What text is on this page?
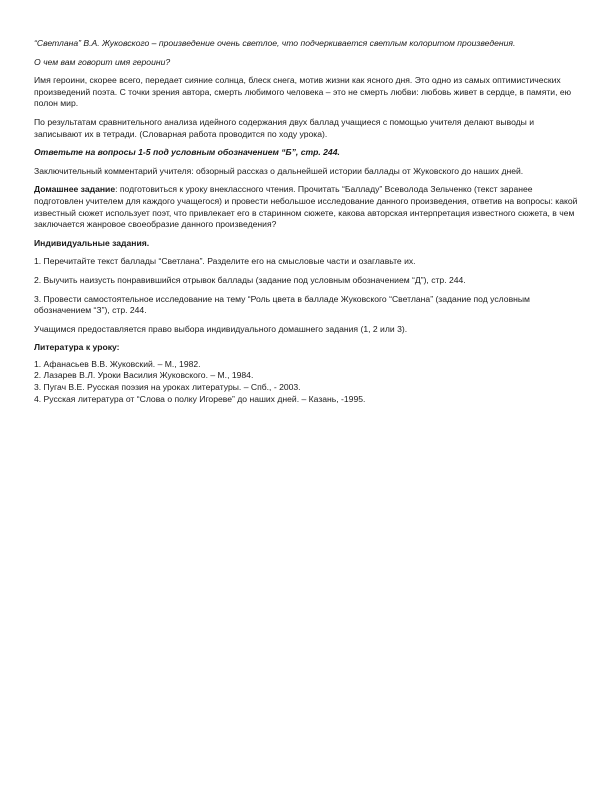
“Светлана” В.А. Жуковского – произведение очень светлое, что подчеркивается светлым колоритом произведения.

О чем вам говорит имя героини?

Имя героини, скорее всего, передает сияние солнца, блеск снега, мотив жизни как ясного дня. Это одно из самых оптимистических произведений поэта. С точки зрения автора, смерть любимого человека – это не смерть любви: любовь живет в сердце, в памяти, ею полон мир.

По результатам сравнительного анализа идейного содержания двух баллад учащиеся с помощью учителя делают выводы и записывают их в тетради. (Словарная работа проводится по ходу урока).

Ответьте на вопросы 1-5 под условным обозначением “Б”, стр. 244.

Заключительный комментарий учителя: обзорный рассказ о дальнейшей истории баллады от Жуковского до наших дней.

Домашнее задание: подготовиться к уроку внеклассного чтения. Прочитать “Балладу” Всеволода Зельченко (текст заранее подготовлен учителем для каждого учащегося) и провести небольшое исследование данного произведения, ответив на вопросы: какой известный сюжет использует поэт, что привлекает его в старинном сюжете, какова авторская интерпретация известного сюжета, в чем заключается жанровое своеобразие данного произведения?

Индивидуальные задания.

1. Перечитайте текст баллады “Светлана”. Разделите его на смысловые части и озаглавьте их.

2. Выучить наизусть понравившийся отрывок баллады (задание под условным обозначением “Д”), стр. 244.

3. Провести самостоятельное исследование на тему “Роль цвета в балладе Жуковского “Светлана” (задание под условным обозначением “З”), стр. 244.

Учащимся предоставляется право выбора индивидуального домашнего задания (1, 2 или 3).

Литература к уроку:

1. Афанасьев В.В. Жуковский. – М., 1982.

2. Лазарев В.Л. Уроки Василия Жуковского. – М., 1984.

3. Пугач В.Е. Русская поэзия на уроках литературы. – Спб., - 2003.

4. Русская литература от “Слова о полку Игореве” до наших дней. – Казань, -1995.
